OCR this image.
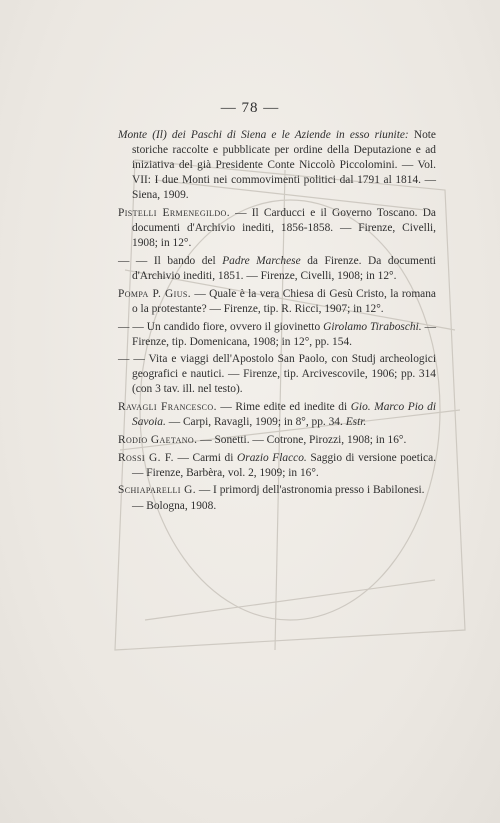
— 78 —

Monte (Il) dei Paschi di Siena e le Aziende in esso riunite: Note storiche raccolte e pubblicate per ordine della Deputazione e ad iniziativa del già Presidente Conte Niccolò Piccolomini. — Vol. VII: I due Monti nei commovimenti politici dal 1791 al 1814. — Siena, 1909.

Pistelli Ermenegildo. — Il Carducci e il Governo Toscano. Da documenti d'Archivio inediti, 1856-1858. — Firenze, Civelli, 1908; in 12°.

— — Il bando del Padre Marchese da Firenze. Da documenti d'Archivio inediti, 1851. — Firenze, Civelli, 1908; in 12°.

Pompa P. Gius. — Quale è la vera Chiesa di Gesù Cristo, la romana o la protestante? — Firenze, tip. R. Ricci, 1907; in 12°.

— — Un candido fiore, ovvero il giovinetto Girolamo Tiraboschi. — Firenze, tip. Domenicana, 1908; in 12°, pp. 154.

— — Vita e viaggi dell'Apostolo San Paolo, con Studj archeologici geografici e nautici. — Firenze, tip. Arcivescovile, 1906; pp. 314 (con 3 tav. ill. nel testo).

Ravagli Francesco. — Rime edite ed inedite di Gio. Marco Pio di Savoia. — Carpi, Ravagli, 1909; in 8°, pp. 34. Estr.

Rodio Gaetano. — Sonetti. — Cotrone, Pirozzi, 1908; in 16°.

Rossi G. F. — Carmi di Orazio Flacco. Saggio di versione poetica. — Firenze, Barbèra, vol. 2, 1909; in 16°.

Schiaparelli G. — I primordj dell'astronomia presso i Babilonesi. — Bologna, 1908.
